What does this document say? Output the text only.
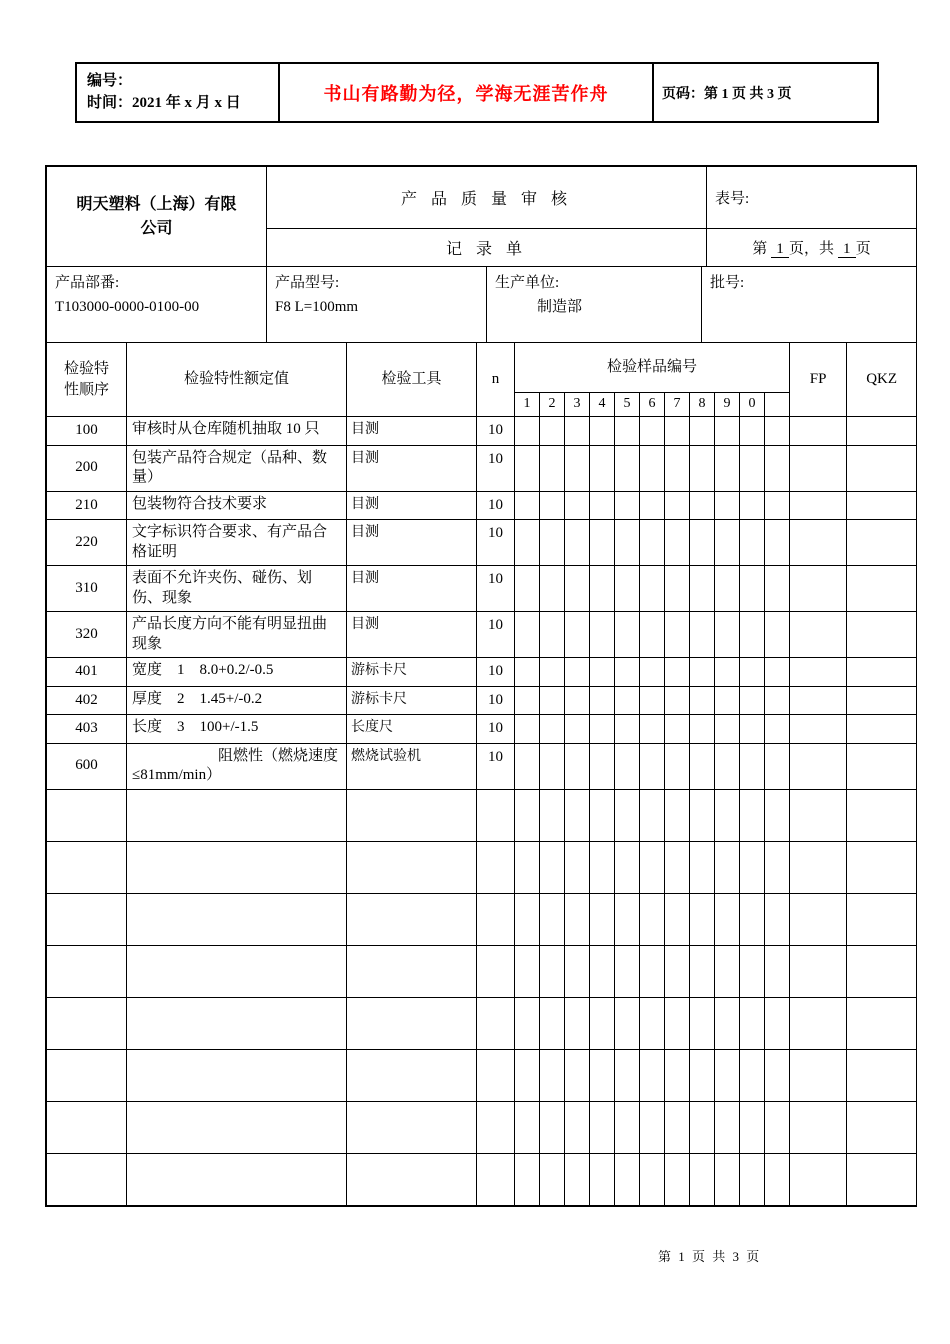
编号：
时间：2021 年 x 月 x 日	书山有路勤为径，学海无涯苦作舟	页码：第 1 页 共 3 页
明天塑料（上海）有限公司	产 品 质 量 审 核	表号:
	记 录 单	第 1 页，共 1 页
产品部番:
T103000-0000-0100-00

产品型号:
F8 L=100mm

生产单位:
制造部

批号:
检验特性顺序	检验特性额定值	检验工具	n	检验样品编号											FP	QKZ
				1	2	3	4	5	6	7	8	9	0			
100	审核时从仓库随机抽取 10 只	目测	10													
200	包装产品符合规定（品种、数量）	目测	10													
210	包装物符合技术要求	目测	10													
220	文字标识符合要求、有产品合格证明	目测	10													
310	表面不允许夹伤、碰伤、划伤、现象	目测	10													
320	产品长度方向不能有明显扭曲现象	目测	10													
401	宽度    1    8.0+0.2/-0.5	游标卡尺	10													
402	厚度    2    1.45+/-0.2	游标卡尺	10													
403	长度    3    100+/-1.5	长度尺	10													
600	阻燃性（燃烧速度≤81mm/min）	燃烧试验机	10													

第 1 页 共 3 页
